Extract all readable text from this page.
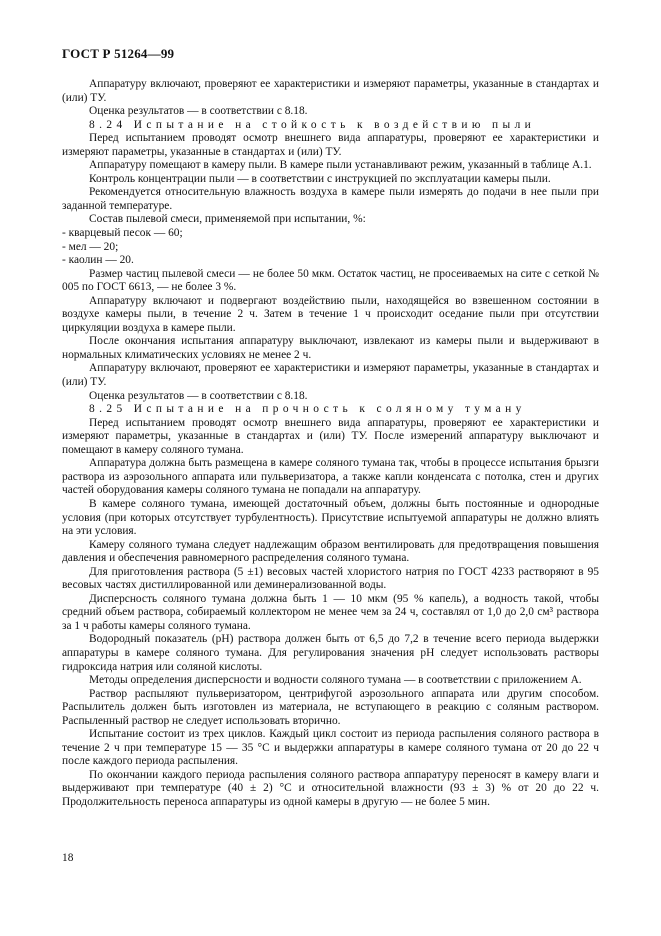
ГОСТ Р 51264—99

Аппаратуру включают, проверяют ее характеристики и измеряют параметры, указанные в стандартах и (или) ТУ.

Оценка результатов — в соответствии с 8.18.

8.24 Испытание на стойкость к воздействию пыли

Перед испытанием проводят осмотр внешнего вида аппаратуры, проверяют ее характеристики и измеряют параметры, указанные в стандартах и (или) ТУ.

Аппаратуру помещают в камеру пыли. В камере пыли устанавливают режим, указанный в таблице А.1.

Контроль концентрации пыли — в соответствии с инструкцией по эксплуатации камеры пыли.

Рекомендуется относительную влажность воздуха в камере пыли измерять до подачи в нее пыли при заданной температуре.

Состав пылевой смеси, применяемой при испытании, %:

- кварцевый песок — 60;

- мел — 20;

- каолин — 20.

Размер частиц пылевой смеси — не более 50 мкм. Остаток частиц, не просеиваемых на сите с сеткой № 005 по ГОСТ 6613, — не более 3 %.

Аппаратуру включают и подвергают воздействию пыли, находящейся во взвешенном состоянии в воздухе камеры пыли, в течение 2 ч. Затем в течение 1 ч происходит оседание пыли при отсутствии циркуляции воздуха в камере пыли.

После окончания испытания аппаратуру выключают, извлекают из камеры пыли и выдерживают в нормальных климатических условиях не менее 2 ч.

Аппаратуру включают, проверяют ее характеристики и измеряют параметры, указанные в стандартах и (или) ТУ.

Оценка результатов — в соответствии с 8.18.

8.25 Испытание на прочность к соляному туману

Перед испытанием проводят осмотр внешнего вида аппаратуры, проверяют ее характеристики и измеряют параметры, указанные в стандартах и (или) ТУ. После измерений аппаратуру выключают и помещают в камеру соляного тумана.

Аппаратура должна быть размещена в камере соляного тумана так, чтобы в процессе испытания брызги раствора из аэрозольного аппарата или пульверизатора, а также капли конденсата с потолка, стен и других частей оборудования камеры соляного тумана не попадали на аппаратуру.

В камере соляного тумана, имеющей достаточный объем, должны быть постоянные и однородные условия (при которых отсутствует турбулентность). Присутствие испытуемой аппаратуры не должно влиять на эти условия.

Камеру соляного тумана следует надлежащим образом вентилировать для предотвращения повышения давления и обеспечения равномерного распределения соляного тумана.

Для приготовления раствора (5 ±1) весовых частей хлористого натрия по ГОСТ 4233 растворяют в 95 весовых частях дистиллированной или деминерализованной воды.

Дисперсность соляного тумана должна быть 1 — 10 мкм (95 % капель), а водность такой, чтобы средний объем раствора, собираемый коллектором не менее чем за 24 ч, составлял от 1,0 до 2,0 см³ раствора за 1 ч работы камеры соляного тумана.

Водородный показатель (рН) раствора должен быть от 6,5 до 7,2 в течение всего периода выдержки аппаратуры в камере соляного тумана. Для регулирования значения рН следует использовать растворы гидроксида натрия или соляной кислоты.

Методы определения дисперсности и водности соляного тумана — в соответствии с приложением А.

Раствор распыляют пульверизатором, центрифугой аэрозольного аппарата или другим способом. Распылитель должен быть изготовлен из материала, не вступающего в реакцию с соляным раствором. Распыленный раствор не следует использовать вторично.

Испытание состоит из трех циклов. Каждый цикл состоит из периода распыления соляного раствора в течение 2 ч при температуре 15 — 35 °С и выдержки аппаратуры в камере соляного тумана от 20 до 22 ч после каждого периода распыления.

По окончании каждого периода распыления соляного раствора аппаратуру переносят в камеру влаги и выдерживают при температуре (40 ± 2) °С и относительной влажности (93 ± 3) % от 20 до 22 ч. Продолжительность переноса аппаратуры из одной камеры в другую — не более 5 мин.

18
